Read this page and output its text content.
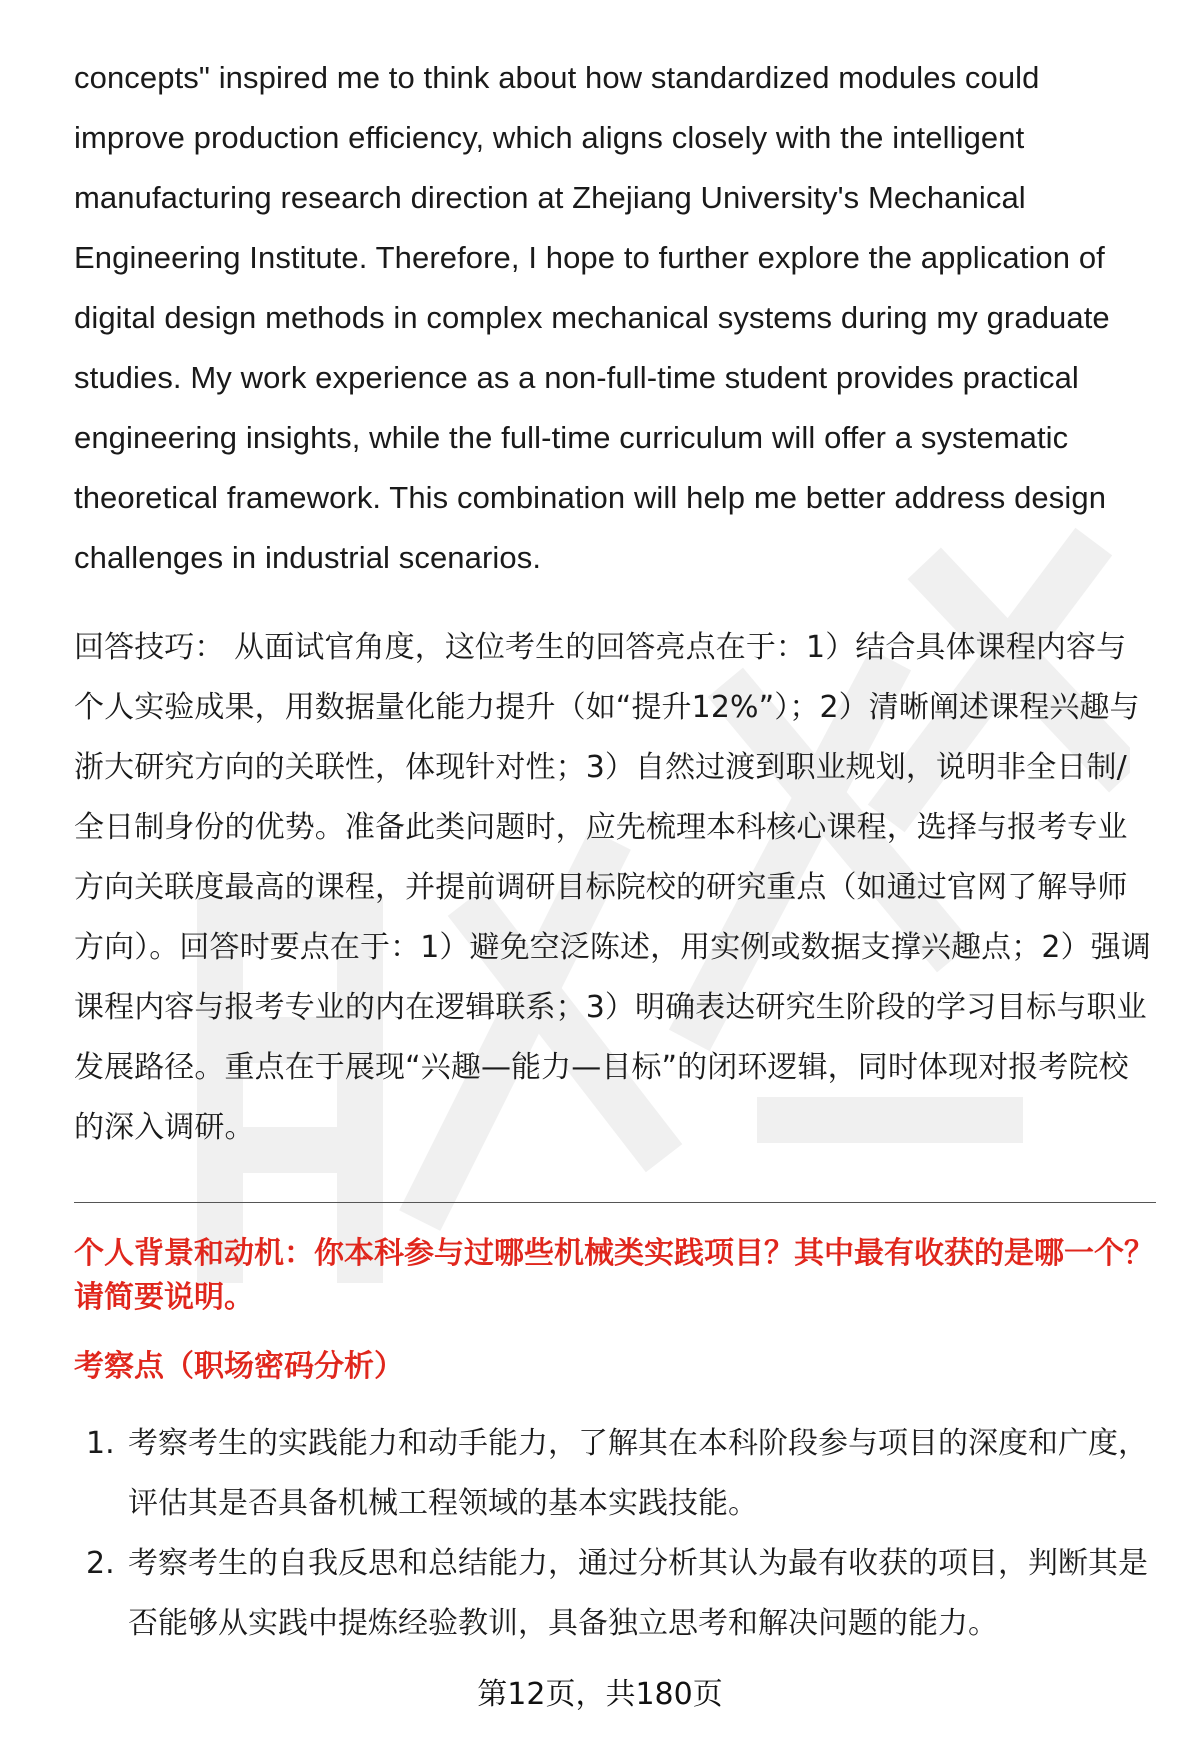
concepts" inspired me to think about how standardized modules could improve production efficiency, which aligns closely with the intelligent manufacturing research direction at Zhejiang University's Mechanical Engineering Institute. Therefore, I hope to further explore the application of digital design methods in complex mechanical systems during my graduate studies. My work experience as a non-full-time student provides practical engineering insights, while the full-time curriculum will offer a systematic theoretical framework. This combination will help me better address design challenges in industrial scenarios.

回答技巧： 从面试官角度，这位考生的回答亮点在于：1）结合具体课程内容与个人实验成果，用数据量化能力提升（如“提升12%”）；2）清晰阐述课程兴趣与浙大研究方向的关联性，体现针对性；3）自然过渡到职业规划，说明非全日制/全日制身份的优势。准备此类问题时，应先梳理本科核心课程，选择与报考专业方向关联度最高的课程，并提前调研目标院校的研究重点（如通过官网了解导师方向）。回答时要点在于：1）避免空泛陈述，用实例或数据支撑兴趣点；2）强调课程内容与报考专业的内在逻辑联系；3）明确表达研究生阶段的学习目标与职业发展路径。重点在于展现“兴趣—能力—目标”的闭环逻辑，同时体现对报考院校的深入调研。

个人背景和动机：你本科参与过哪些机械类实践项目？其中最有收获的是哪一个？请简要说明。

考察点（职场密码分析）

1. 考察考生的实践能力和动手能力，了解其在本科阶段参与项目的深度和广度，评估其是否具备机械工程领域的基本实践技能。
2. 考察考生的自我反思和总结能力，通过分析其认为最有收获的项目，判断其是否能够从实践中提炼经验教训，具备独立思考和解决问题的能力。
第12页，共180页
